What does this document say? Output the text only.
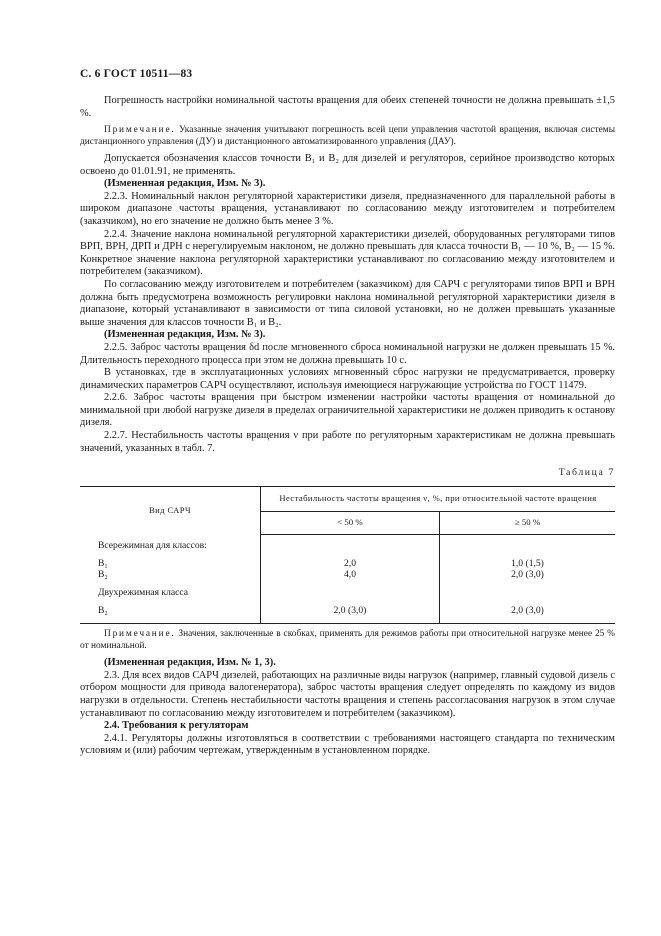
С. 6 ГОСТ 10511—83

Погрешность настройки номинальной частоты вращения для обеих степеней точности не должна превышать ±1,5 %.

Примечание. Указанные значения учитывают погрешность всей цепи управления частотой вращения, включая системы дистанционного управления (ДУ) и дистанционного автоматизированного управления (ДАУ).

Допускается обозначения классов точности В₁ и В₂ для дизелей и регуляторов, серийное производство которых освоено до 01.01.91, не применять.

(Измененная редакция, Изм. № 3).

2.2.3. Номинальный наклон регуляторной характеристики дизеля, предназначенного для параллельной работы в широком диапазоне частоты вращения, устанавливают по согласованию между изготовителем и потребителем (заказчиком), но его значение не должно быть менее 3 %.

2.2.4. Значение наклона номинальной регуляторной характеристики дизелей, оборудованных регуляторами типов ВРП, ВРН, ДРП и ДРН с нерегулируемым наклоном, не должно превышать для класса точности В₁ — 10 %, В₂ — 15 %. Конкретное значение наклона регуляторной характеристики устанавливают по согласованию между изготовителем и потребителем (заказчиком).

По согласованию между изготовителем и потребителем (заказчиком) для САРЧ с регуляторами типов ВРП и ВРН должна быть предусмотрена возможность регулировки наклона номинальной регуляторной характеристики дизеля в диапазоне, который устанавливают в зависимости от типа силовой установки, но не должен превышать указанные выше значения для классов точности В₁ и В₂.

(Измененная редакция, Изм. № 3).

2.2.5. Заброс частоты вращения δd после мгновенного сброса номинальной нагрузки не должен превышать 15 %. Длительность переходного процесса при этом не должна превышать 10 с.

В установках, где в эксплуатационных условиях мгновенный сброс нагрузки не предусматривается, проверку динамических параметров САРЧ осуществляют, используя имеющиеся нагружающие устройства по ГОСТ 11479.

2.2.6. Заброс частоты вращения при быстром изменении настройки частоты вращения от номинальной до минимальной при любой нагрузке дизеля в пределах ограничительной характеристики не должен приводить к останову дизеля.

2.2.7. Нестабильность частоты вращения ν при работе по регуляторным характеристикам не должна превышать значений, указанных в табл. 7.

Таблица 7
Вид САРЧ	Нестабильность частоты вращения ν, %, при относительной частоте вращения	
	< 50 %	≥ 50 %
Всережимная для классов:		
В₁	2,0	1,0 (1,5)
В₂	4,0	2,0 (3,0)
Двухрежимная класса		
В₂	2,0 (3,0)	2,0 (3,0)

Примечание. Значения, заключенные в скобках, применять для режимов работы при относительной нагрузке менее 25 % от номинальной.

(Измененная редакция, Изм. № 1, 3).

2.3. Для всех видов САРЧ дизелей, работающих на различные виды нагрузок (например, главный судовой дизель с отбором мощности для привода валогенератора), заброс частоты вращения следует определять по каждому из видов нагрузки в отдельности. Степень нестабильности частоты вращения и степень рассогласования нагрузок в этом случае устанавливают по согласованию между изготовителем и потребителем (заказчиком).

2.4. Требования к регуляторам

2.4.1. Регуляторы должны изготовляться в соответствии с требованиями настоящего стандарта по техническим условиям и (или) рабочим чертежам, утвержденным в установленном порядке.
